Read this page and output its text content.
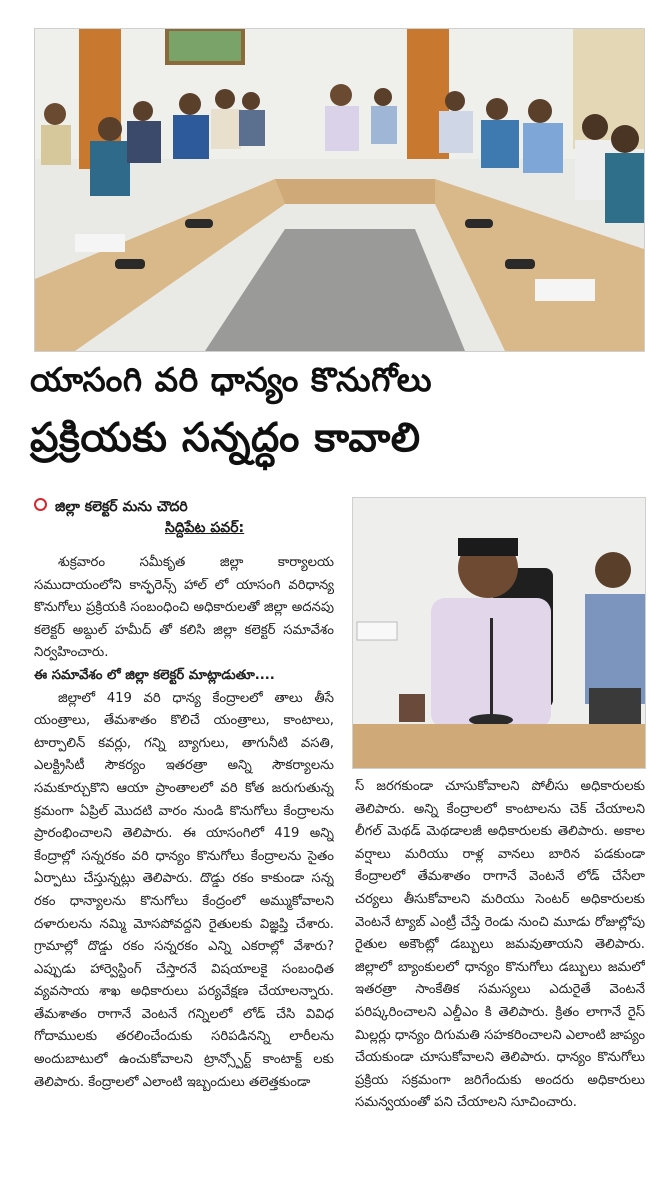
యాసంగి వరి ధాన్యం కొనుగోలు
ప్రక్రియకు సన్నద్ధం కావాలి
జిల్లా కలెక్టర్ మను చౌదరి
సిద్దిపేట పవర్:

శుక్రవారం సమీకృత జిల్లా కార్యాలయ సముదాయంలోని కాన్ఫరెన్స్ హాల్ లో యాసంగి వరిధాన్య కొనుగోలు ప్రక్రియకి సంబంధించి అధికారులతో జిల్లా అదనపు కలెక్టర్ అబ్దుల్ హమీద్ తో కలిసి జిల్లా కలెక్టర్ సమావేశం నిర్వహించారు.

ఈ సమావేశం లో జిల్లా కలెక్టర్ మాట్లాడుతూ....

జిల్లాలో 419 వరి ధాన్య కేంద్రాలలో తాలు తీసే యంత్రాలు, తేమశాతం కొలిచే యంత్రాలు, కాంటాలు, టార్పాలిన్ కవర్లు, గన్ని బ్యాగులు, తాగునీటి వసతి, ఎలక్ట్రిసిటీ సౌకర్యం ఇతరత్రా అన్ని సౌకర్యాలను సమకూర్చుకొని ఆయా ప్రాంతాలలో వరి కోత జరుగుతున్న క్రమంగా ఏప్రిల్ మొదటి వారం నుండి కొనుగోలు కేంద్రాలను ప్రారంభించాలని తెలిపారు. ఈ యాసంగిలో 419 అన్ని కేంద్రాల్లో సన్నరకం వరి ధాన్యం కొనుగోలు కేంద్రాలను సైతం ఏర్పాటు చేస్తున్నట్లు తెలిపారు. దొడ్డు రకం కాకుండా సన్న రకం ధాన్యాలను కొనుగోలు కేంద్రంలో అమ్ముకోవాలని దళారులను నమ్మి మోసపోవద్దని రైతులకు విజ్ఞప్తి చేశారు. గ్రామాల్లో దొడ్డు రకం సన్నరకం ఎన్ని ఎకరాల్లో వేశారు? ఎప్పుడు హార్వెస్టింగ్ చేస్తారనే విషయాలకై సంబంధిత వ్యవసాయ శాఖ అధికారులు పర్యవేక్షణ చేయాలన్నారు. తేమశాతం రాగానే వెంటనే గన్నిలలో లోడ్ చేసి వివిధ గోదాములకు తరలించేందుకు సరిపడినన్ని లారీలను అందుబాటులో ఉంచుకోవాలని ట్రాన్స్పోర్ట్ కాంటాక్ట్ లకు తెలిపారు. కేంద్రాలలో ఎలాంటి ఇబ్బందులు తలెత్తకుండా

స్ జరగకుండా చూసుకోవాలని పోలీసు అధికారులకు తెలిపారు. అన్ని కేంద్రాలలో కాంటాలను చెక్ చేయాలని లీగల్ మెథడ్ మెథడాలజీ అధికారులకు తెలిపారు. అకాల వర్షాలు మరియు రాళ్ల వానలు బారిన పడకుండా కేంద్రాలలో తేమశాతం రాగానే వెంటనే లోడ్ చేసేలా చర్యలు తీసుకోవాలని మరియు సెంటర్ అధికారులకు వెంటనే ట్యాబ్ ఎంట్రీ చేస్తే రెండు నుంచి మూడు రోజుల్లోపు రైతుల అకౌంట్లో డబ్బులు జమవుతాయని తెలిపారు. జిల్లాలో బ్యాంకులలో ధాన్యం కొనుగోలు డబ్బులు జమలో ఇతరత్రా సాంకేతిక సమస్యలు ఎదురైతే వెంటనే పరిష్కరించాలని ఎల్డీఎం కి తెలిపారు. క్రితం లాగానే రైస్ మిల్లర్లు ధాన్యం దిగుమతి సహకరించాలని ఎలాంటి జాప్యం చేయకుండా చూసుకోవాలని తెలిపారు. ధాన్యం కొనుగోలు ప్రక్రియ సక్రమంగా జరిగేందుకు అందరు అధికారులు సమన్వయంతో పని చేయాలని సూచించారు.
